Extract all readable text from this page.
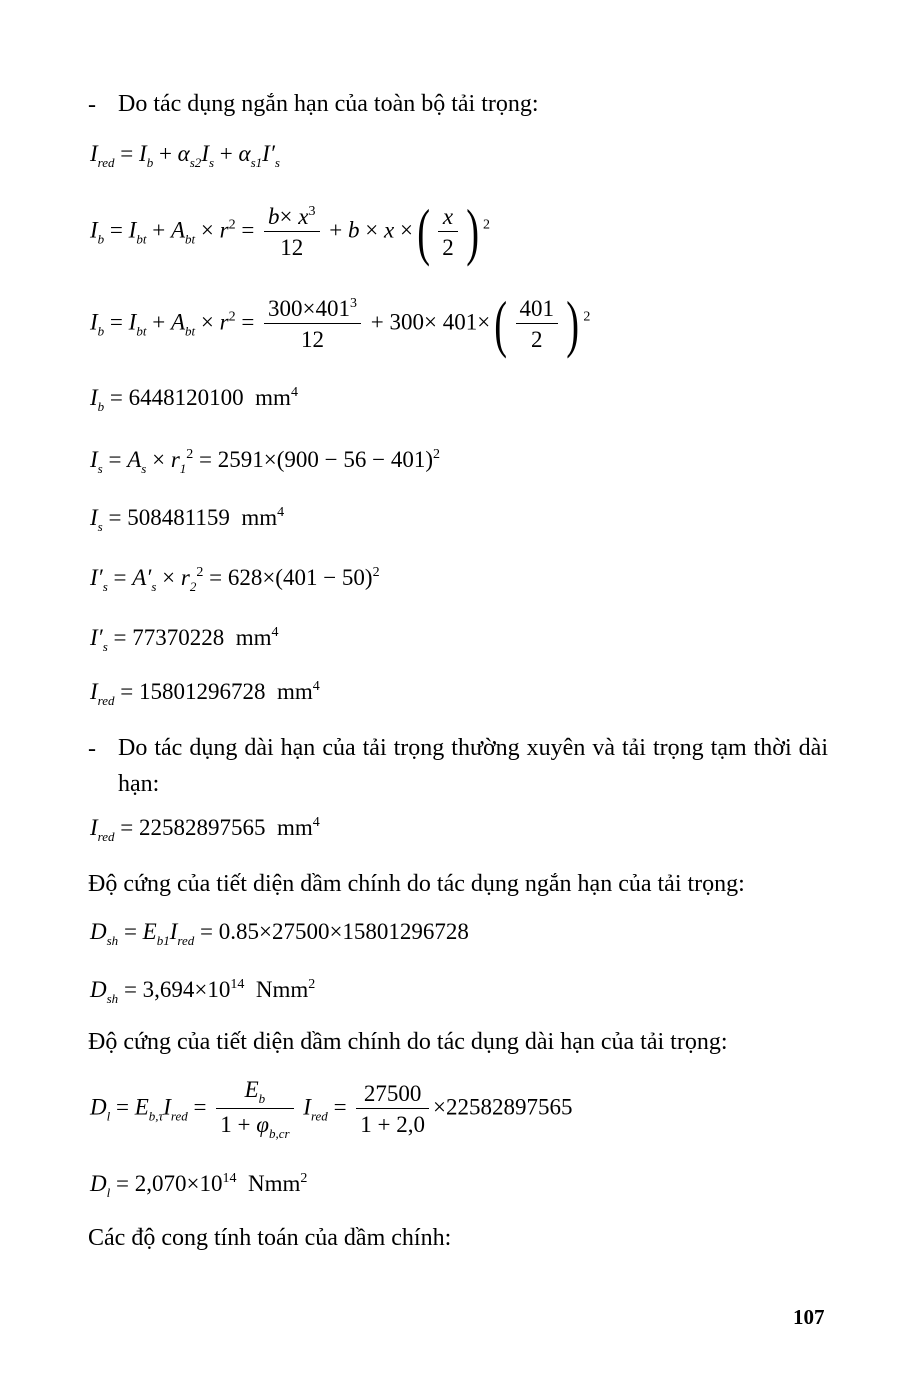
- Do tác dụng ngắn hạn của toàn bộ tải trọng:
$I_{red} = I_b + \alpha_{s2}I_s + \alpha_{s1}I'_s$
$I_b = I_{bt} + A_{bt} \times r^2 = \frac{b\times x^3}{12} + b \times x$ ×( $\frac{x}{2}$ ) $^2$
$I_b = I_{bt} + A_{bt} \times r^2 = \frac{300\times 401^3}{12} + 300\times 401\times( \frac{401}{2}$ ) $^2$
$I_b = 6448120100$ $mm^4$
$I_s = A_s \times r_1^2 = 2591\times(900 - 56 - 401)^2$
$I_s = 508481159$ $mm^4$
$I'_s = A'_s \times r_2^2 = 628\times(401 - 50)^2$
$I'_s = 77370228$ $mm^4$
$I_{red} = 15801296728$ $mm^4$
- Do tác dụng dài hạn của tải trọng thường xuyên và tải trọng tạm thời dài hạn:
$I_{red} = 22582897565$ $mm^4$
Độ cứng của tiết diện dầm chính do tác dụng ngắn hạn của tải trọng:
$D_{sh} = E_{b1}I_{red} = 0.85\times 27500\times 15801296728$
$D_{sh} = 3,694\times 10^{14}$ Nmm$^2$
Độ cứng của tiết diện dầm chính do tác dụng dài hạn của tải trọng:
$D_l = E_{b,\tau}I_{red} = \frac{E_b}{1 + \varphi_{b,cr}} I_{red} = \frac{27500}{1 + 2,0} \times 22582897565$
$D_l = 2,070\times 10^{14}$ Nmm$^2$
Các độ cong tính toán của dầm chính:
107
